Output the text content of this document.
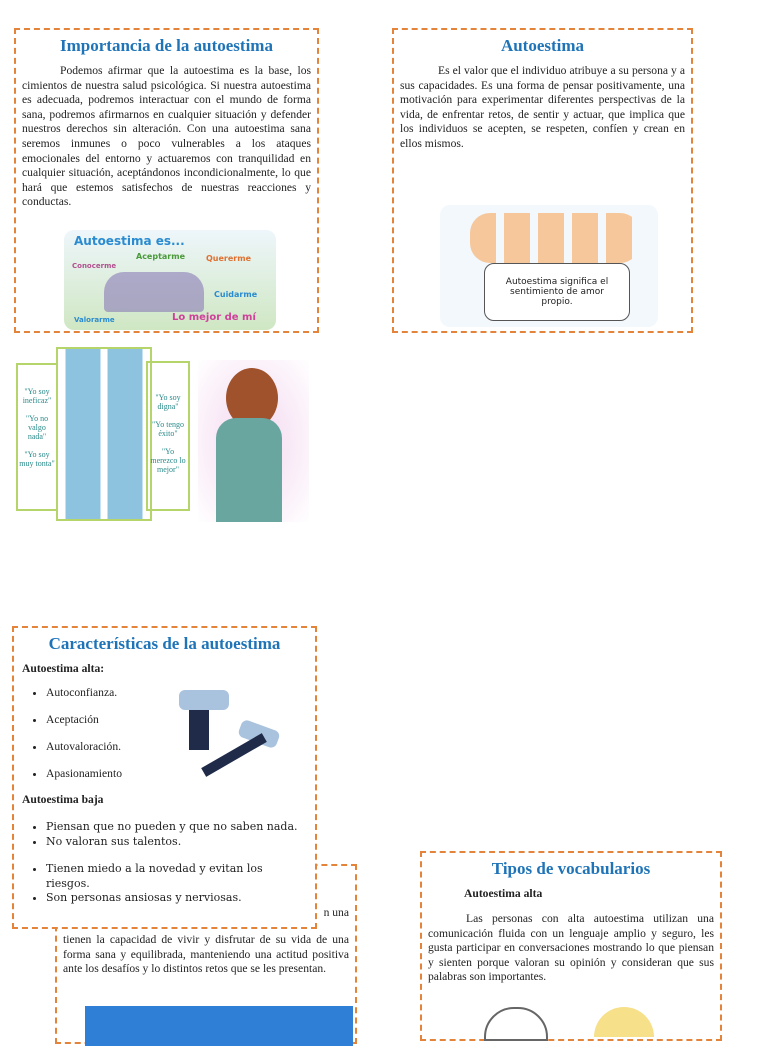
Importancia de la autoestima

Podemos afirmar que la autoestima es la base, los cimientos de nuestra salud psicológica. Si nuestra autoestima es adecuada, podremos interactuar con el mundo de forma sana, podremos afirmarnos en cualquier situación y defender nuestros derechos sin alteración. Con una autoestima sana seremos inmunes o poco vulnerables a los ataques emocionales del entorno y actuaremos con tranquilidad en cualquier situación, aceptándonos incondicionalmente, lo que hará que estemos satisfechos de nuestras reacciones y conductas.

Autoestima es...
Conocerme
Aceptarme	Quererme
Cuidarme
Valorarme	Lo mejor de mí
Autoestima

Es el valor que el individuo atribuye a su persona y a sus capacidades. Es una forma de pensar positivamente, una motivación para experimentar diferentes perspectivas de la vida, de enfrentar retos, de sentir y actuar, que implica que los individuos se acepten, se respeten, confíen y crean en ellos mismos.

Autoestima significa el sentimiento de amor propio.
"Yo soy ineficaz"

"Yo no valgo nada"

"Yo soy muy tonta"
"Yo soy digna"

"Yo tengo éxito"

"Yo merezco lo mejor"
n una

tienen la capacidad de vivir y disfrutar de su vida de una forma sana y equilibrada, manteniendo una actitud positiva ante los desafíos y lo distintos retos que se les presentan.

Características de la autoestima
Autoestima alta:
• Autoconfianza.
• Aceptación
• Autovaloración.
• Apasionamiento
Autoestima baja
• Piensan que no pueden y que no saben nada.
• No valoran sus talentos.
• Tienen miedo a la novedad y evitan los riesgos.
• Son personas ansiosas y nerviosas.
Tipos de vocabularios
Autoestima alta

Las personas con alta autoestima utilizan una comunicación fluida con un lenguaje amplio y seguro, les gusta participar en conversaciones mostrando lo que piensan y sienten porque valoran su opinión y consideran que sus palabras son importantes.
